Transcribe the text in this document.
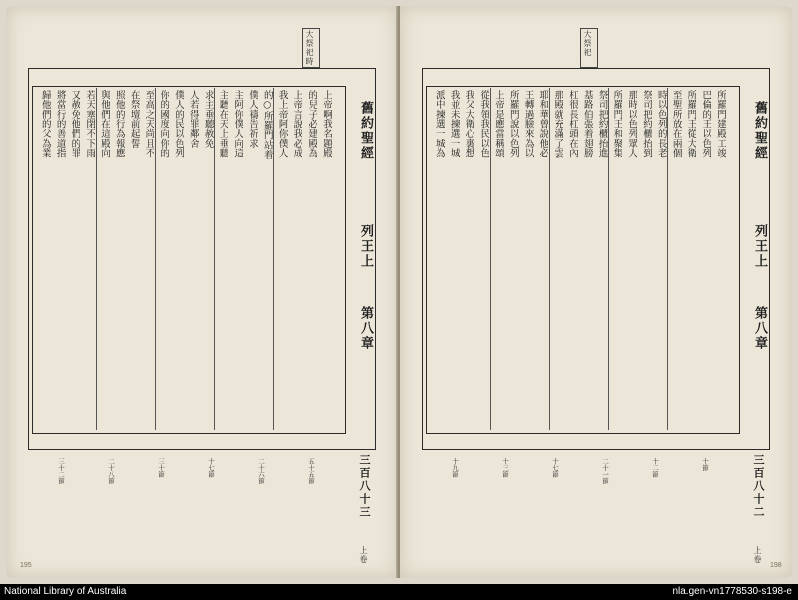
舊約聖經
列王上
第八章
三百八十三
上卷
大祭祀時
上帝啊我名題殿
的兒子必建殿為
上帝言說我必成
我上帝阿你僕人
的○所羅門站着
僕人禱告祈求
主阿你僕人向這
主聽在天上垂聽
求主垂聽赦免
人若得罪鄰舍
僕人的民以色列
你的國度向你的
至高之天尚且不
在祭壇前起誓
照他的行為報應
與他們在這殿向
若天塞閉不下雨
又赦免他們的罪
將當行的善道指
歸他們的父為業
五十五節
二十六節
十七節
三十節
二十八節
三十二節
195
舊約聖經
列王上
第八章
三百八十二
上卷
大祭祀
所羅門建殿工竣
巴倫的王以色列
所羅門王從大衛
至聖所放在兩個
時以色列的長老
祭司把約櫃抬到
那時以色列眾人
所羅門王和聚集
祭司把約櫃抬進
基路伯張着翅膀
杠很長杠頭在內
那殿就充滿了雲
耶和華曾說他必
王轉過臉來為以
所羅門說以色列
上帝是應當稱頌
從我領我民以色
我父大衛心裏想
我並未揀選一城
派中揀選一城為
十節
十二節
二十一節
十七節
十三節
十九節
198
National Library of Australia	nla.gen-vn1778530-s198-e
